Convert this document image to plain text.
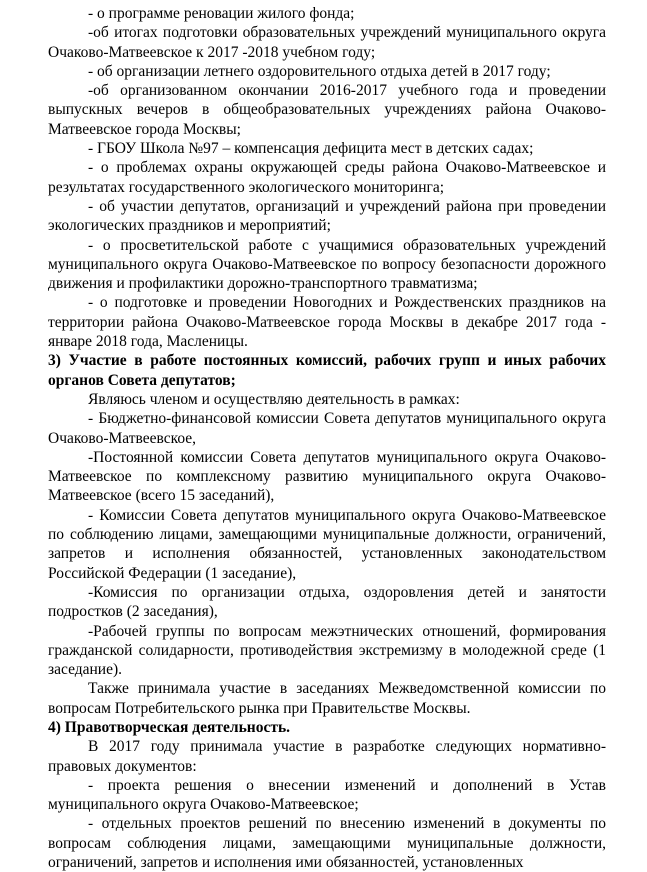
- о программе реновации жилого фонда;

-об итогах подготовки образовательных учреждений муниципального округа Очаково-Матвеевское к 2017 -2018 учебном году;

- об организации летнего оздоровительного отдыха детей в 2017 году;

-об организованном окончании 2016-2017 учебного года и проведении выпускных вечеров в общеобразовательных учреждениях района Очаково-Матвеевское города Москвы;

- ГБОУ Школа №97 – компенсация дефицита мест в детских садах;

- о проблемах охраны окружающей среды района Очаково-Матвеевское и результатах государственного экологического мониторинга;

- об участии депутатов, организаций и учреждений района при проведении экологических праздников и мероприятий;

- о просветительской работе с учащимися образовательных учреждений муниципального округа Очаково-Матвеевское по вопросу безопасности дорожного движения и профилактики дорожно-транспортного травматизма;

- о подготовке и проведении Новогодних и Рождественских праздников на территории района Очаково-Матвеевское города Москвы в декабре 2017 года - январе 2018 года, Масленицы.

3) Участие в работе постоянных комиссий, рабочих групп и иных рабочих органов Совета депутатов;

Являюсь членом и осуществляю деятельность в рамках:

- Бюджетно-финансовой комиссии Совета депутатов муниципального округа Очаково-Матвеевское,

-Постоянной комиссии Совета депутатов муниципального округа Очаково-Матвеевское по комплексному развитию муниципального округа Очаково-Матвеевское (всего 15 заседаний),

- Комиссии Совета депутатов муниципального округа Очаково-Матвеевское по соблюдению лицами, замещающими муниципальные должности, ограничений, запретов и исполнения обязанностей, установленных законодательством Российской Федерации (1 заседание),

-Комиссия по организации отдыха, оздоровления детей и занятости подростков (2 заседания),

-Рабочей группы по вопросам межэтнических отношений, формирования гражданской солидарности, противодействия экстремизму в молодежной среде (1 заседание).

Также принимала участие в заседаниях Межведомственной комиссии по вопросам Потребительского рынка при Правительстве Москвы.

4) Правотворческая деятельность.

В 2017 году принимала участие в разработке следующих нормативно-правовых документов:

- проекта решения о внесении изменений и дополнений в Устав муниципального округа Очаково-Матвеевское;

- отдельных проектов решений по внесению изменений в документы по вопросам соблюдения лицами, замещающими муниципальные должности, ограничений, запретов и исполнения ими обязанностей, установленных
